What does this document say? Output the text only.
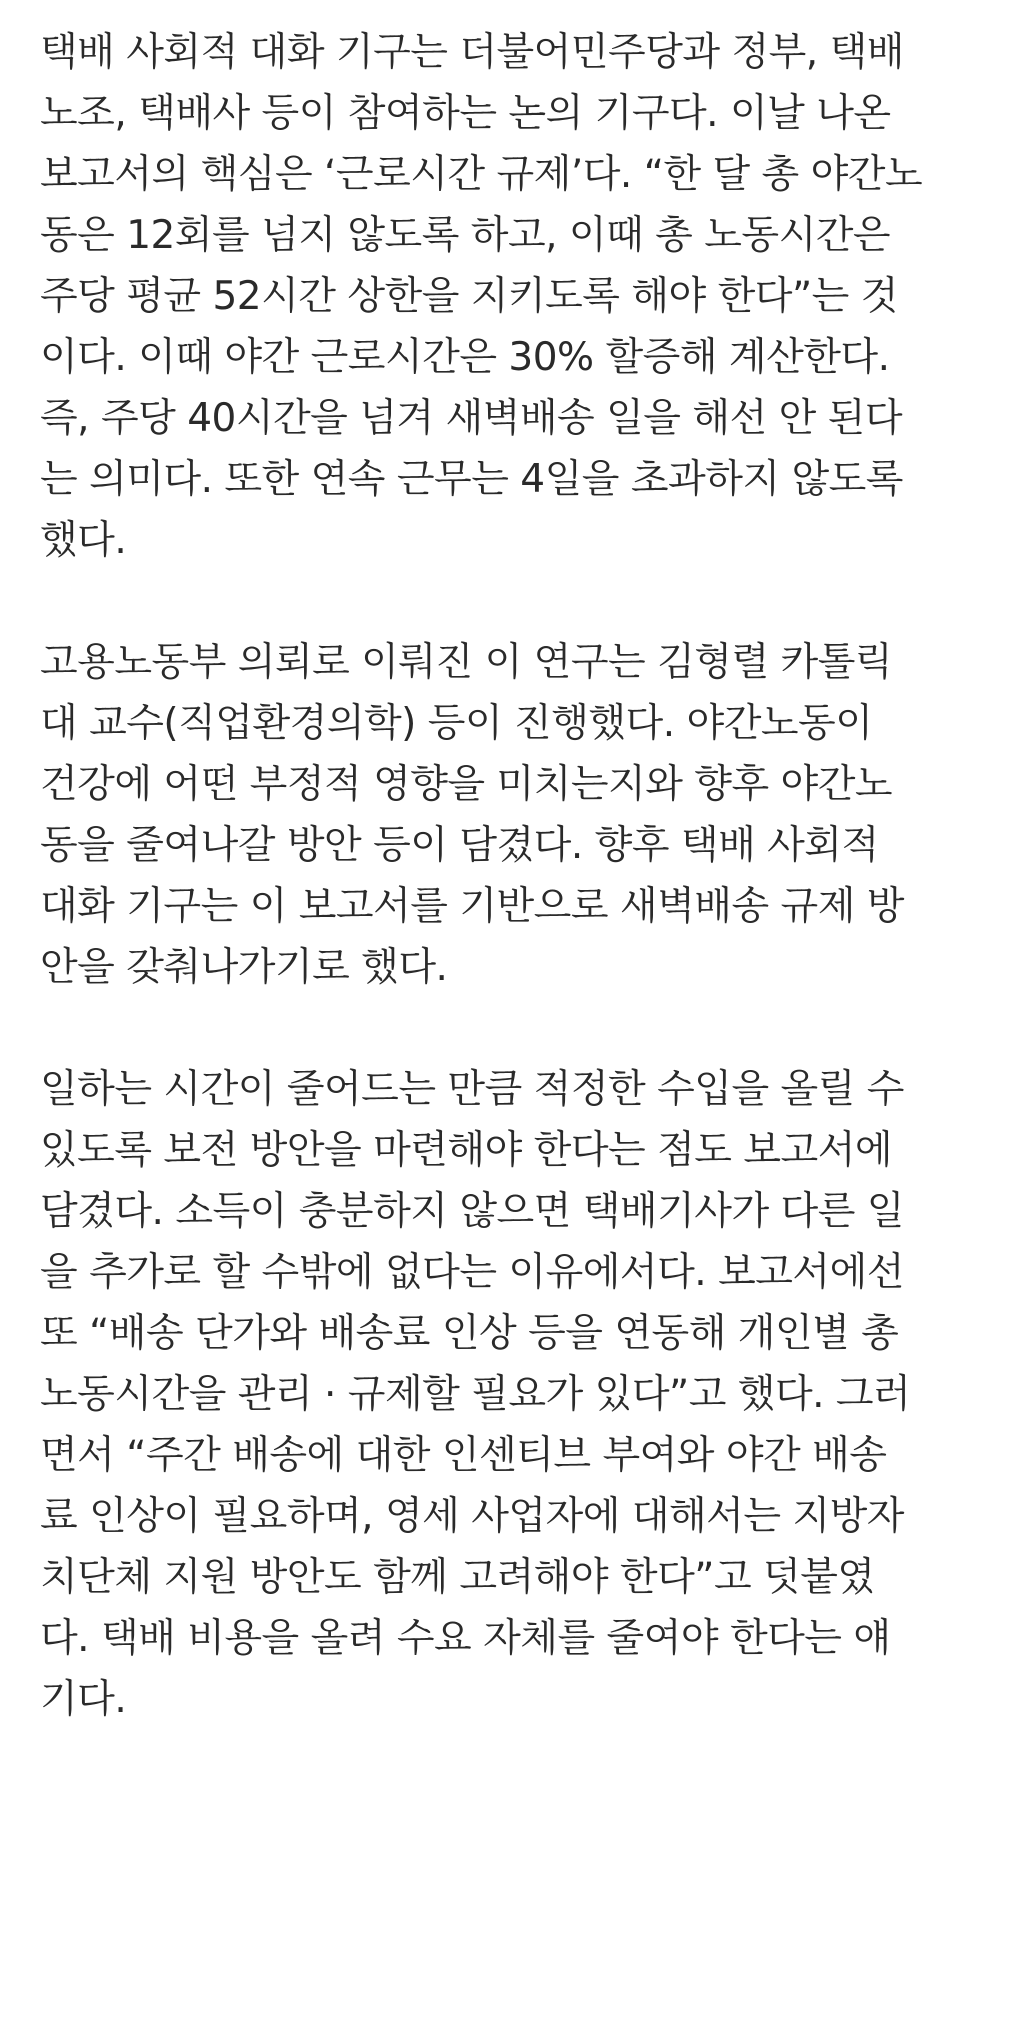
택배 사회적 대화 기구는 더불어민주당과 정부, 택배
노조, 택배사 등이 참여하는 논의 기구다. 이날 나온
보고서의 핵심은 ‘근로시간 규제’다. “한 달 총 야간노
동은 12회를 넘지 않도록 하고, 이때 총 노동시간은
주당 평균 52시간 상한을 지키도록 해야 한다”는 것
이다. 이때 야간 근로시간은 30% 할증해 계산한다.
즉, 주당 40시간을 넘겨 새벽배송 일을 해선 안 된다
는 의미다. 또한 연속 근무는 4일을 초과하지 않도록
했다.

고용노동부 의뢰로 이뤄진 이 연구는 김형렬 카톨릭
대 교수(직업환경의학) 등이 진행했다. 야간노동이
건강에 어떤 부정적 영향을 미치는지와 향후 야간노
동을 줄여나갈 방안 등이 담겼다. 향후 택배 사회적
대화 기구는 이 보고서를 기반으로 새벽배송 규제 방
안을 갖춰나가기로 했다.

일하는 시간이 줄어드는 만큼 적정한 수입을 올릴 수
있도록 보전 방안을 마련해야 한다는 점도 보고서에
담겼다. 소득이 충분하지 않으면 택배기사가 다른 일
을 추가로 할 수밖에 없다는 이유에서다. 보고서에선
또 “배송 단가와 배송료 인상 등을 연동해 개인별 총
노동시간을 관리 · 규제할 필요가 있다”고 했다. 그러
면서 “주간 배송에 대한 인센티브 부여와 야간 배송
료 인상이 필요하며, 영세 사업자에 대해서는 지방자
치단체 지원 방안도 함께 고려해야 한다”고 덧붙였
다. 택배 비용을 올려 수요 자체를 줄여야 한다는 얘
기다.
